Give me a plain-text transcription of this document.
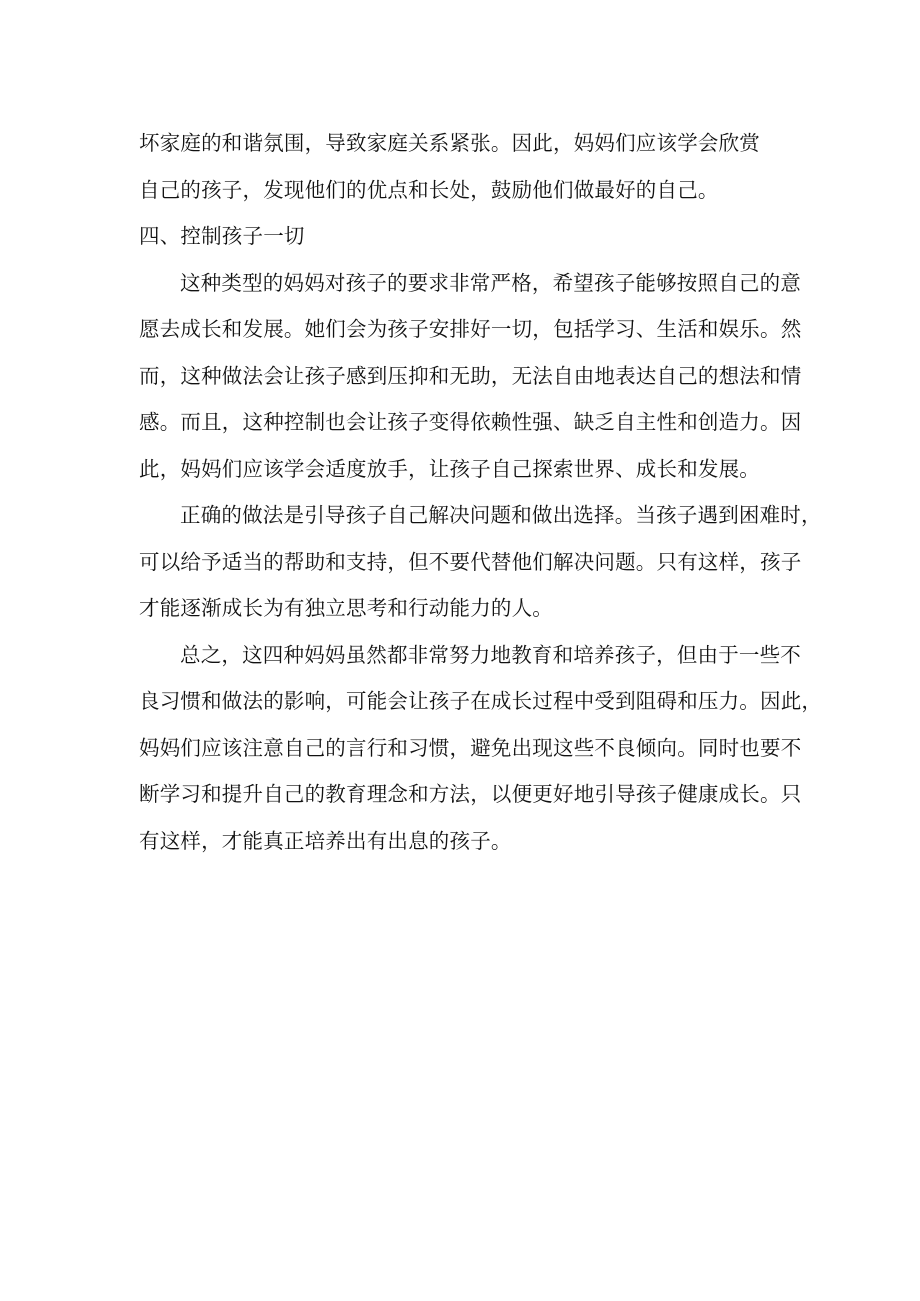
坏家庭的和谐氛围，导致家庭关系紧张。因此，妈妈们应该学会欣赏
自己的孩子，发现他们的优点和长处，鼓励他们做最好的自己。
四、控制孩子一切
这种类型的妈妈对孩子的要求非常严格，希望孩子能够按照自己的意
愿去成长和发展。她们会为孩子安排好一切，包括学习、生活和娱乐。然
而，这种做法会让孩子感到压抑和无助，无法自由地表达自己的想法和情
感。而且，这种控制也会让孩子变得依赖性强、缺乏自主性和创造力。因
此，妈妈们应该学会适度放手，让孩子自己探索世界、成长和发展。
正确的做法是引导孩子自己解决问题和做出选择。当孩子遇到困难时，
可以给予适当的帮助和支持，但不要代替他们解决问题。只有这样，孩子
才能逐渐成长为有独立思考和行动能力的人。
总之，这四种妈妈虽然都非常努力地教育和培养孩子，但由于一些不
良习惯和做法的影响，可能会让孩子在成长过程中受到阻碍和压力。因此，
妈妈们应该注意自己的言行和习惯，避免出现这些不良倾向。同时也要不
断学习和提升自己的教育理念和方法，以便更好地引导孩子健康成长。只
有这样，才能真正培养出有出息的孩子。
